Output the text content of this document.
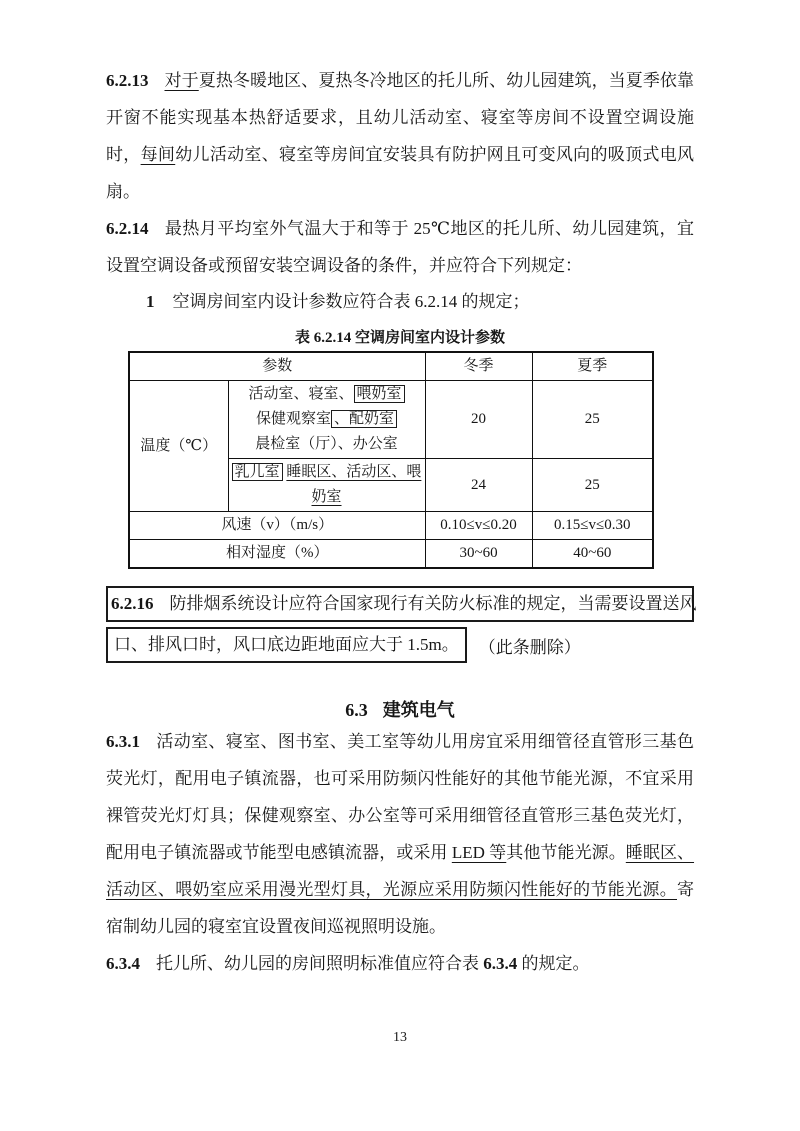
6.2.13 对于夏热冬暖地区、夏热冬冷地区的托儿所、幼儿园建筑，当夏季依靠开窗不能实现基本热舒适要求，且幼儿活动室、寝室等房间不设置空调设施时，每间幼儿活动室、寝室等房间宜安装具有防护网且可变风向的吸顶式电风扇。

6.2.14 最热月平均室外气温大于和等于 25℃地区的托儿所、幼儿园建筑，宜设置空调设备或预留安装空调设备的条件，并应符合下列规定：

1 空调房间室内设计参数应符合表 6.2.14 的规定；

表 6.2.14 空调房间室内设计参数
参数		冬季	夏季
温度（℃）	活动室、寝室、 喂奶室
保健观察室 、配奶室
晨检室（厅）、办公室	20	25
	乳儿室 睡眠区、活动区、喂奶室	24	25
风速（v）（m/s）		0.10≤v≤0.20	0.15≤v≤0.30
相对湿度（%）		30~60	40~60
6.2.16 防排烟系统设计应符合国家现行有关防火标准的规定，当需要设置送风
口、排风口时，风口底边距地面应大于 1.5m。 （此条删除）
6.3 建筑电气

6.3.1 活动室、寝室、图书室、美工室等幼儿用房宜采用细管径直管形三基色荧光灯，配用电子镇流器，也可采用防频闪性能好的其他节能光源，不宜采用裸管荧光灯灯具；保健观察室、办公室等可采用细管径直管形三基色荧光灯，配用电子镇流器或节能型电感镇流器，或采用 LED 等其他节能光源。睡眠区、活动区、喂奶室应采用漫光型灯具，光源应采用防频闪性能好的节能光源。寄宿制幼儿园的寝室宜设置夜间巡视照明设施。

6.3.4 托儿所、幼儿园的房间照明标准值应符合表 6.3.4 的规定。

13
